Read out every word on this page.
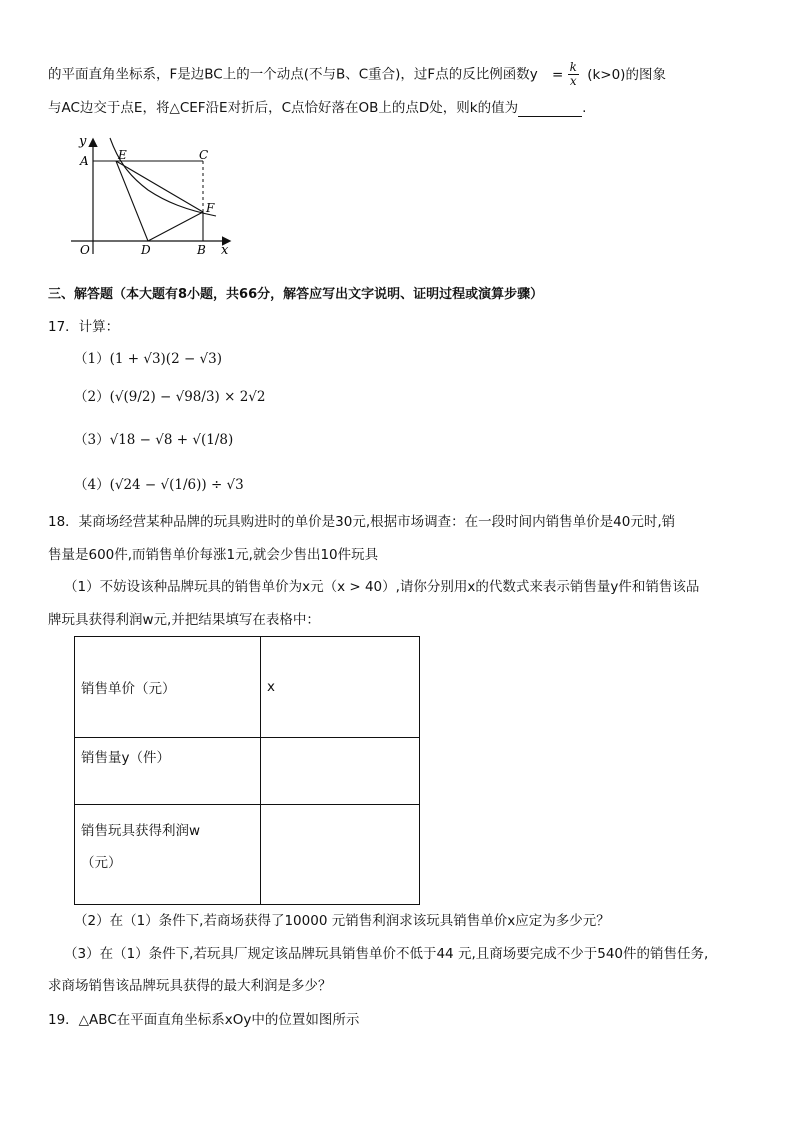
的平面直角坐标系，F是边BC上的一个动点(不与B、C重合)，过F点的反比例函数$y = \frac{k}{x} (k>0)$的图象
与AC边交于点E，将△CEF沿E对折后，C点恰好落在OB上的点D处，则k的值为	.
y
x
A E	C
F
O	D	B
三、解答题（本大题有8小题，共66分，解答应写出文字说明、证明过程或演算步骤）
17．计算：
（1）(1 + √3)(2 − √3)
（2）(√(9/2) − √98/3) × 2√2
（3）√18 − √8 + √(1/8)
（4）(√24 − √(1/6)) ÷ √3
18．某商场经营某种品牌的玩具购进时的单价是30元,根据市场调查：在一段时间内销售单价是40元时,销
售量是600件,而销售单价每涨1元,就会少售出10件玩具
（1）不妨设该种品牌玩具的销售单价为x元（x > 40）,请你分别用x的代数式来表示销售量y件和销售该品
牌玩具获得利润w元,并把结果填写在表格中：
销售单价（元）	x
销售量y（件）	

销售玩具获得利润w
（元）	

（2）在（1）条件下,若商场获得了10000 元销售利润求该玩具销售单价x应定为多少元？
（3）在（1）条件下,若玩具厂规定该品牌玩具销售单价不低于44 元,且商场要完成不少于540件的销售任务,
求商场销售该品牌玩具获得的最大利润是多少？
19．△ABC在平面直角坐标系xOy中的位置如图所示
